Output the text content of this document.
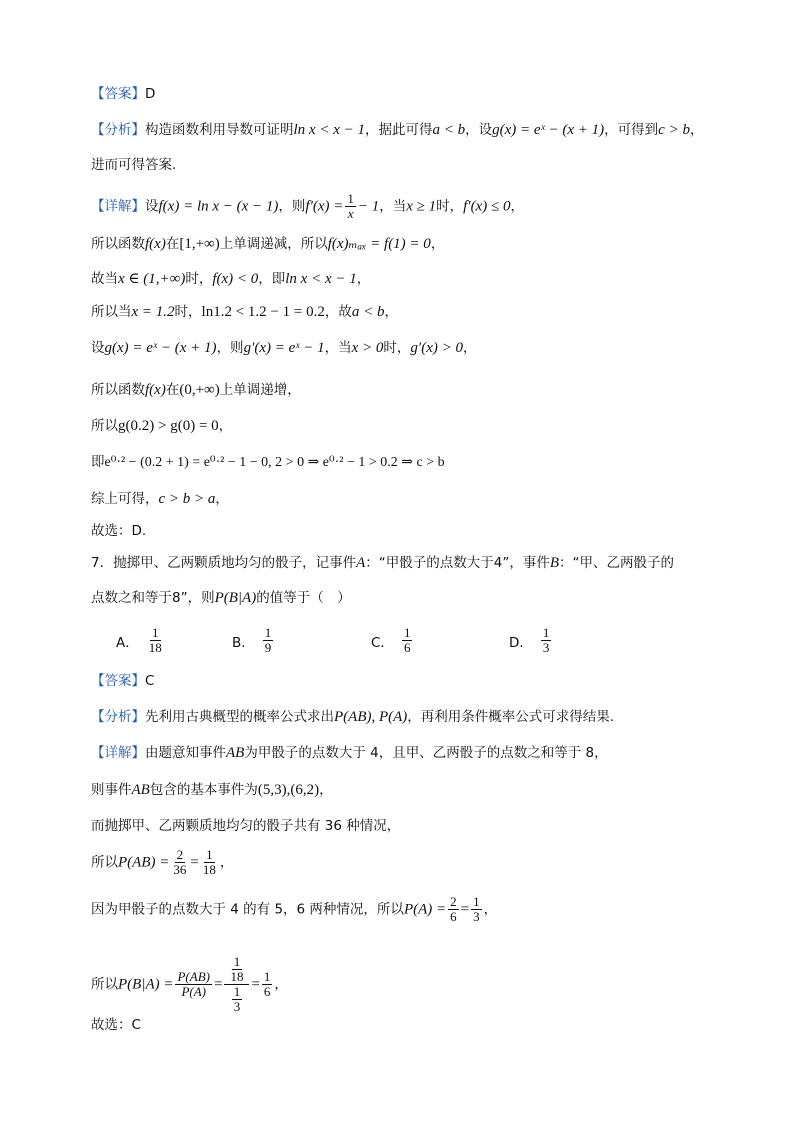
【答案】D
【分析】构造函数利用导数可证明ln x < x − 1，据此可得a < b，设g(x) = eˣ − (x + 1)，可得到c > b，
进而可得答案.
【详解】设f(x) = ln x − (x − 1)，则$f'(x) = \frac{1}{x} - 1$，当x ≥ 1时，f′(x) ≤ 0，
所以函数f(x)在[1,+∞)上单调递减，所以f(x)ₘₐₓ = f(1) = 0，
故当x ∈ (1,+∞)时，f(x) < 0，即ln x < x − 1，
所以当x = 1.2时，ln1.2 < 1.2 − 1 = 0.2，故a < b，
设g(x) = eˣ − (x + 1)，则g′(x) = eˣ − 1，当x > 0时，g′(x) > 0，
所以函数f(x)在(0,+∞)上单调递增，
所以g(0.2) > g(0) = 0，
即e⁰·² − (0.2 + 1) = e⁰·² − 1 − 0, 2 > 0 ⇒ e⁰·² − 1 > 0.2 ⇒ c > b
综上可得，c > b > a，
故选：D.
7．抛掷甲、乙两颗质地均匀的骰子，记事件A：“甲骰子的点数大于4”，事件B：“甲、乙两骰子的
点数之和等于8”，则P(B|A)的值等于（　）
A． $\frac{1}{18}$	B． $\frac{1}{9}$	C． $\frac{1}{6}$	D． $\frac{1}{3}$
【答案】C
【分析】先利用古典概型的概率公式求出P(AB), P(A)，再利用条件概率公式可求得结果.
【详解】由题意知事件AB为甲骰子的点数大于 4，且甲、乙两骰子的点数之和等于 8，
则事件AB包含的基本事件为(5,3),(6,2)，
而抛掷甲、乙两颗质地均匀的骰子共有 36 种情况，
所以$P(AB) = \frac{2}{36} = \frac{1}{18}$ ，
因为甲骰子的点数大于 4 的有 5，6 两种情况，所以$P(A) = \frac{2}{6} = \frac{1}{3}$ ，
所以$P(B|A) = \frac{P(AB)}{P(A)} = \frac{\frac{1}{18}}{\frac{1}{3}} = \frac{1}{6}$ ，
故选：C
